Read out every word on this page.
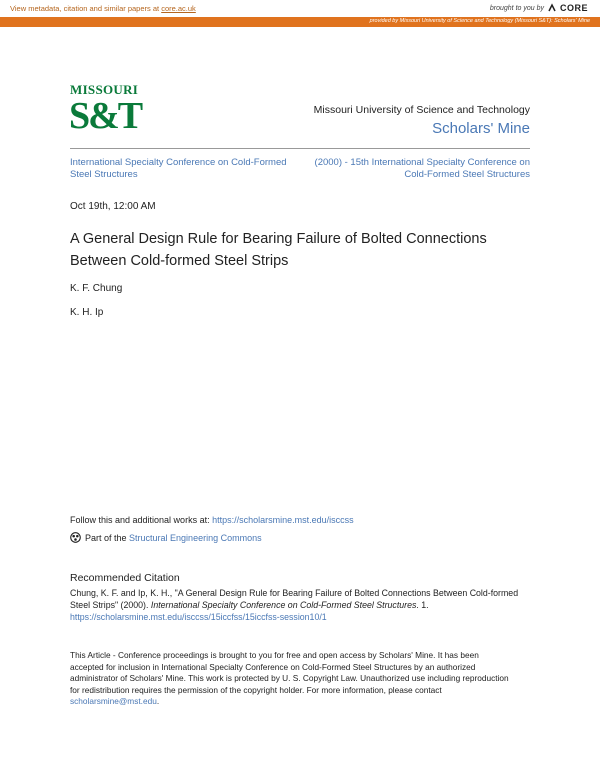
View metadata, citation and similar papers at core.ac.uk	brought to you by CORE
provided by Missouri University of Science and Technology (Missouri S&T): Scholars' Mine
MISSOURI
S&T	Missouri University of Science and Technology
Scholars' Mine
International Specialty Conference on Cold-Formed Steel Structures
(2000) - 15th International Specialty Conference on Cold-Formed Steel Structures
Oct 19th, 12:00 AM
A General Design Rule for Bearing Failure of Bolted Connections Between Cold-formed Steel Strips
K. F. Chung
K. H. Ip
Follow this and additional works at: https://scholarsmine.mst.edu/isccss
Part of the Structural Engineering Commons
Recommended Citation
Chung, K. F. and Ip, K. H., "A General Design Rule for Bearing Failure of Bolted Connections Between Cold-formed Steel Strips" (2000). International Specialty Conference on Cold-Formed Steel Structures. 1.
https://scholarsmine.mst.edu/isccss/15iccfss/15iccfss-session10/1
This Article - Conference proceedings is brought to you for free and open access by Scholars' Mine. It has been accepted for inclusion in International Specialty Conference on Cold-Formed Steel Structures by an authorized administrator of Scholars' Mine. This work is protected by U. S. Copyright Law. Unauthorized use including reproduction for redistribution requires the permission of the copyright holder. For more information, please contact scholarsmine@mst.edu.
